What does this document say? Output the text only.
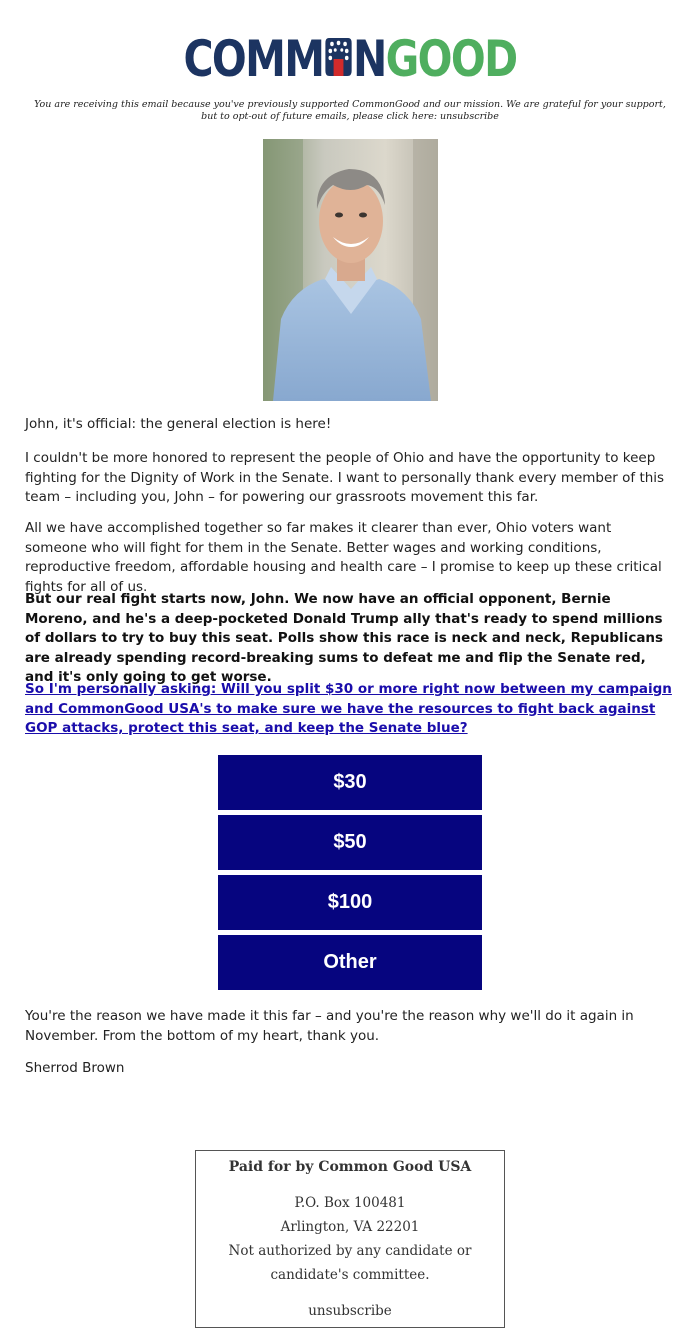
COMM NGOOD
You are receiving this email because you've previously supported CommonGood and our mission. We are grateful for your support, but to opt-out of future emails, please click here: unsubscribe

John, it's official: the general election is here!

I couldn't be more honored to represent the people of Ohio and have the opportunity to keep fighting for the Dignity of Work in the Senate. I want to personally thank every member of this team – including you, John – for powering our grassroots movement this far.

All we have accomplished together so far makes it clearer than ever, Ohio voters want someone who will fight for them in the Senate. Better wages and working conditions, reproductive freedom, affordable housing and health care – I promise to keep up these critical fights for all of us.

But our real fight starts now, John. We now have an official opponent, Bernie Moreno, and he's a deep-pocketed Donald Trump ally that's ready to spend millions of dollars to try to buy this seat. Polls show this race is neck and neck, Republicans are already spending record-breaking sums to defeat me and flip the Senate red, and it's only going to get worse.

So I'm personally asking: Will you split $30 or more right now between my campaign and CommonGood USA's to make sure we have the resources to fight back against GOP attacks, protect this seat, and keep the Senate blue?

$30
$50
$100
Other

You're the reason we have made it this far – and you're the reason why we'll do it again in November. From the bottom of my heart, thank you.

Sherrod Brown

Paid for by Common Good USA
P.O. Box 100481
Arlington, VA 22201
Not authorized by any candidate or
candidate's committee.
unsubscribe
